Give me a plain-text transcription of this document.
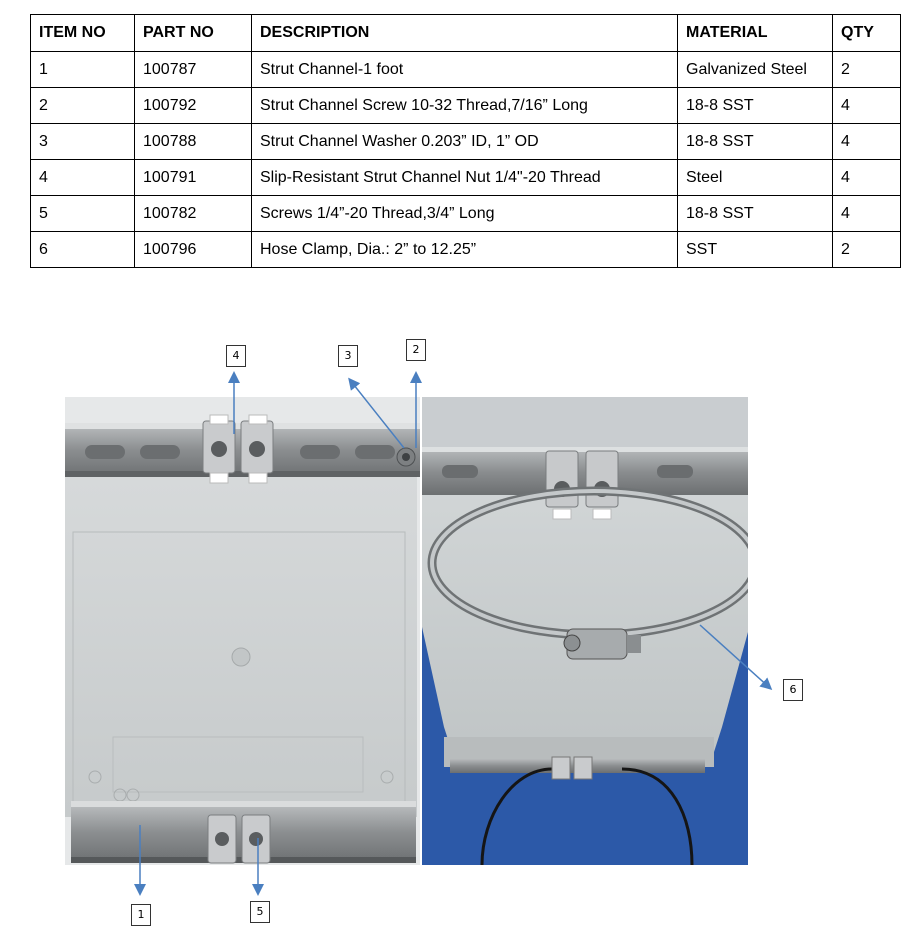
ITEM NO	PART NO	DESCRIPTION	MATERIAL	QTY
1	100787	Strut Channel-1 foot	Galvanized Steel	2
2	100792	Strut Channel Screw 10-32 Thread,7/16” Long	18-8 SST	4
3	100788	Strut Channel Washer 0.203” ID, 1” OD	18-8 SST	4
4	100791	Slip-Resistant Strut Channel Nut 1/4"-20 Thread	Steel	4
5	100782	Screws 1/4”-20 Thread,3/4” Long	18-8 SST	4
6	100796	Hose Clamp, Dia.: 2” to 12.25”	SST	2
4	3	2
6
1	5
